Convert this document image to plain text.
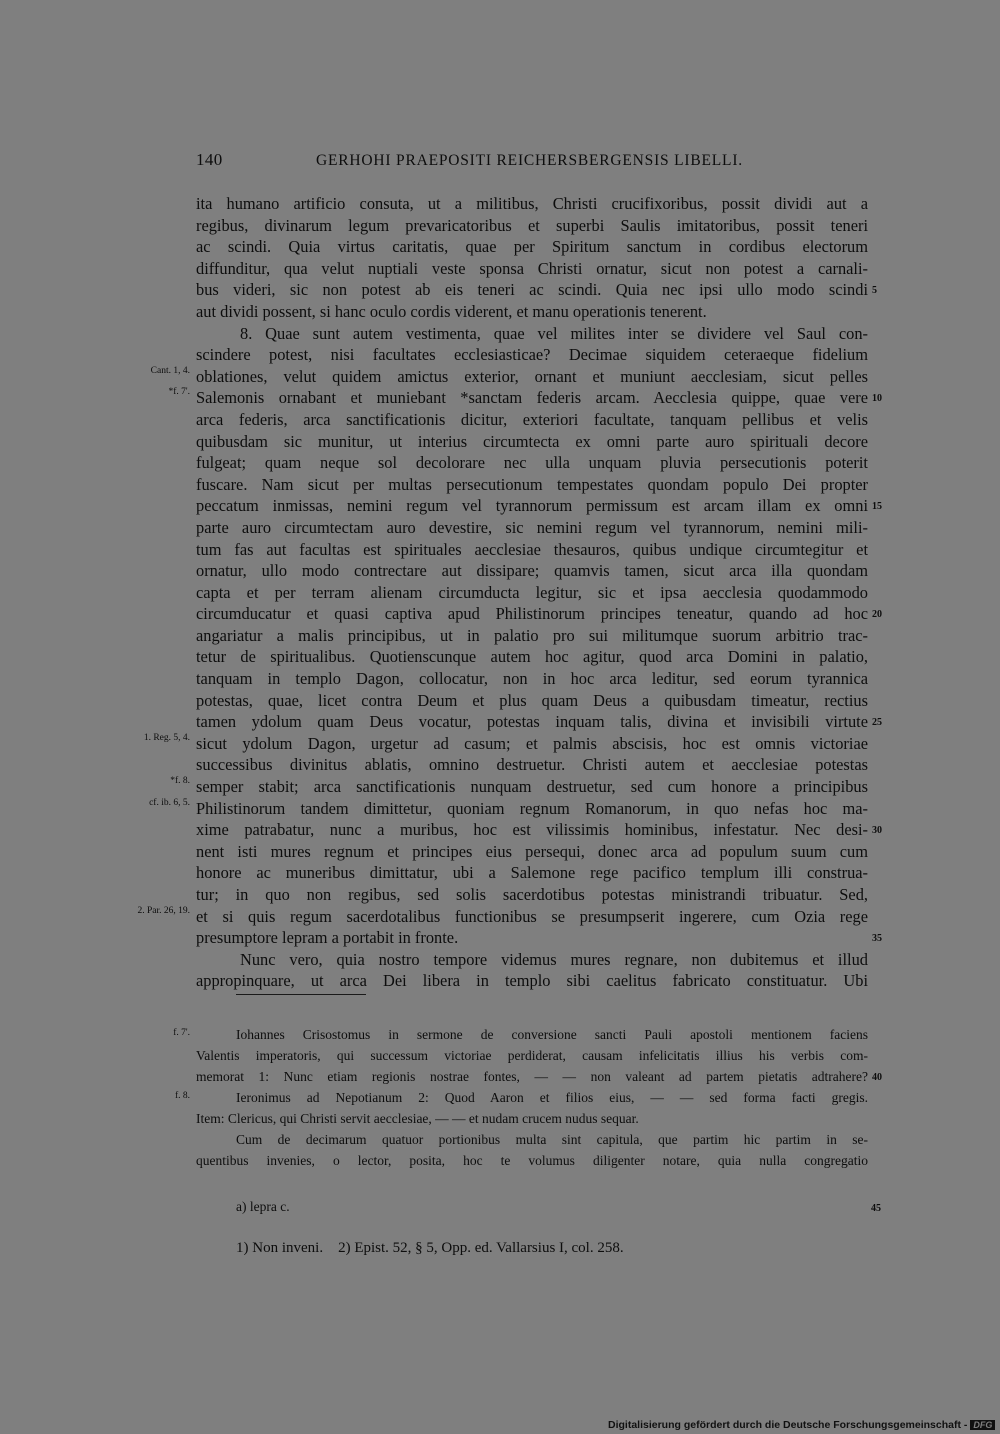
140	GERHOHI PRAEPOSITI REICHERSBERGENSIS LIBELLI.
ita humano artificio consuta, ut a militibus, Christi crucifixoribus, possit dividi aut a
regibus, divinarum legum prevaricatoribus et superbi Saulis imitatoribus, possit teneri
ac scindi. Quia virtus caritatis, quae per Spiritum sanctum in cordibus electorum
diffunditur, qua velut nuptiali veste sponsa Christi ornatur, sicut non potest a carnali-
bus videri, sic non potest ab eis teneri ac scindi. Quia nec ipsi ullo modo scindi 5
aut dividi possent, si hanc oculo cordis viderent, et manu operationis tenerent.
8. Quae sunt autem vestimenta, quae vel milites inter se dividere vel Saul con-
scindere potest, nisi facultates ecclesiasticae? Decimae siquidem ceteraeque fidelium
oblationes, velut quidem amictus exterior, ornant et muniunt aecclesiam, sicut pelles
Cant. 1, 4.
Salemonis ornabant et muniebant *sanctam federis arcam. Aecclesia quippe, quae vere 10
*f. 7'.
arca federis, arca sanctificationis dicitur, exteriori facultate, tanquam pellibus et velis
quibusdam sic munitur, ut interius circumtecta ex omni parte auro spirituali decore
fulgeat; quam neque sol decolorare nec ulla unquam pluvia persecutionis poterit
fuscare. Nam sicut per multas persecutionum tempestates quondam populo Dei propter
peccatum inmissas, nemini regum vel tyrannorum permissum est arcam illam ex omni 15
parte auro circumtectam auro devestire, sic nemini regum vel tyrannorum, nemini mili-
tum fas aut facultas est spirituales aecclesiae thesauros, quibus undique circumtegitur et
ornatur, ullo modo contrectare aut dissipare; quamvis tamen, sicut arca illa quondam
capta et per terram alienam circumducta legitur, sic et ipsa aecclesia quodammodo
circumducatur et quasi captiva apud Philistinorum principes teneatur, quando ad hoc 20
angariatur a malis principibus, ut in palatio pro sui militumque suorum arbitrio trac-
tetur de spiritualibus. Quotienscunque autem hoc agitur, quod arca Domini in palatio,
tanquam in templo Dagon, collocatur, non in hoc arca leditur, sed eorum tyrannica
potestas, quae, licet contra Deum et plus quam Deus a quibusdam timeatur, rectius
tamen ydolum quam Deus vocatur, potestas inquam talis, divina et invisibili virtute 25
sicut ydolum Dagon, urgetur ad casum; et palmis abscisis, hoc est omnis victoriae
1. Reg. 5, 4.
successibus divinitus ablatis, omnino destruetur. Christi autem et aecclesiae potestas
semper stabit; arca sanctificationis nunquam destruetur, sed cum honore a principibus
*f. 8.
Philistinorum tandem dimittetur, quoniam regnum Romanorum, in quo nefas hoc ma-
cf. ib. 6, 5.
xime patrabatur, nunc a muribus, hoc est vilissimis hominibus, infestatur. Nec desi- 30
nent isti mures regnum et principes eius persequi, donec arca ad populum suum cum
honore ac muneribus dimittatur, ubi a Salemone rege pacifico templum illi construa-
tur; in quo non regibus, sed solis sacerdotibus potestas ministrandi tribuatur. Sed,
et si quis regum sacerdotalibus functionibus se presumpserit ingerere, cum Ozia rege
2. Par. 26, 19.
presumptore lepram a portabit in fronte.	35
Nunc vero, quia nostro tempore videmus mures regnare, non dubitemus et illud
appropinquare, ut arca Dei libera in templo sibi caelitus fabricato constituatur. Ubi
Iohannes Crisostomus in sermone de conversione sancti Pauli apostoli mentionem faciens
f. 7'.
Valentis imperatoris, qui successum victoriae perdiderat, causam infelicitatis illius his verbis com-
memorat 1: Nunc etiam regionis nostrae fontes, — — non valeant ad partem pietatis adtrahere? 40
Ieronimus ad Nepotianum 2: Quod Aaron et filios eius, — — sed forma facti gregis.
f. 8.
Item: Clericus, qui Christi servit aecclesiae, — — et nudam crucem nudus sequar.
Cum de decimarum quatuor portionibus multa sint capitula, que partim hic partim in se-
quentibus invenies, o lector, posita, hoc te volumus diligenter notare, quia nulla congregatio
a) lepra c.	45
1) Non inveni.    2) Epist. 52, § 5, Opp. ed. Vallarsius I, col. 258.
Digitalisierung gefördert durch die Deutsche Forschungsgemeinschaft - DFG
